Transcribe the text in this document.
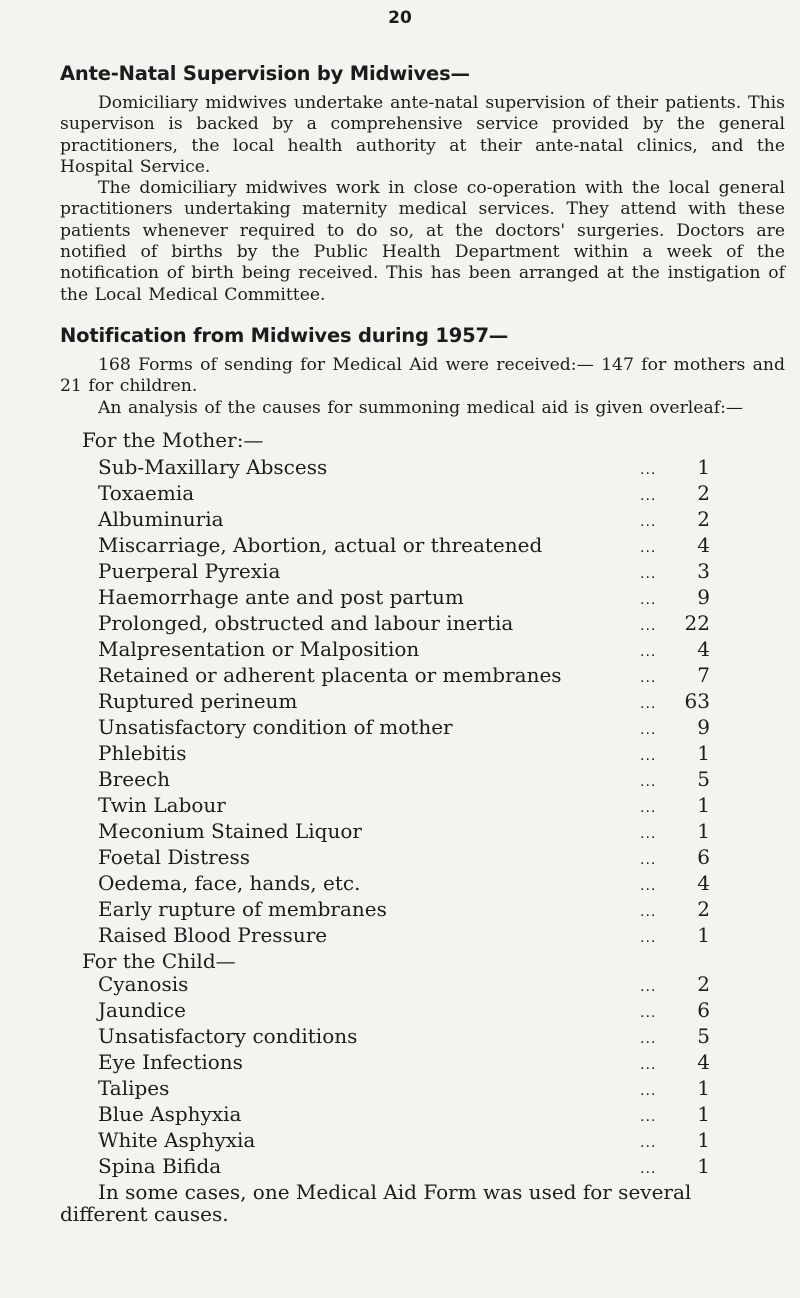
20
Ante-Natal Supervision by Midwives—

Domiciliary midwives undertake ante-natal supervision of their patients. This supervison is backed by a comprehensive service provided by the general practitioners, the local health authority at their ante-natal clinics, and the Hospital Service.

The domiciliary midwives work in close co-operation with the local general practitioners undertaking maternity medical services. They attend with these patients whenever required to do so, at the doctors' surgeries. Doctors are notified of births by the Public Health Department within a week of the notification of birth being received. This has been arranged at the instigation of the Local Medical Committee.

Notification from Midwives during 1957—

168 Forms of sending for Medical Aid were received:— 147 for mothers and 21 for children.

An analysis of the causes for summoning medical aid is given overleaf:—

For the Mother:—
Sub-Maxillary Abscess	...	1
Toxaemia	...	2
Albuminuria	...	2
Miscarriage, Abortion, actual or threatened	...	4
Puerperal Pyrexia	...	3
Haemorrhage ante and post partum	...	9
Prolonged, obstructed and labour inertia	...	22
Malpresentation or Malposition	...	4
Retained or adherent placenta or membranes	...	7
Ruptured perineum	...	63
Unsatisfactory condition of mother	...	9
Phlebitis	...	1
Breech	...	5
Twin Labour	...	1
Meconium Stained Liquor	...	1
Foetal Distress	...	6
Oedema, face, hands, etc.	...	4
Early rupture of membranes	...	2
Raised Blood Pressure	...	1
For the Child—
Cyanosis	...	2
Jaundice	...	6
Unsatisfactory conditions	...	5
Eye Infections	...	4
Talipes	...	1
Blue Asphyxia	...	1
White Asphyxia	...	1
Spina Bifida	...	1
In some cases, one Medical Aid Form was used for several different causes.
